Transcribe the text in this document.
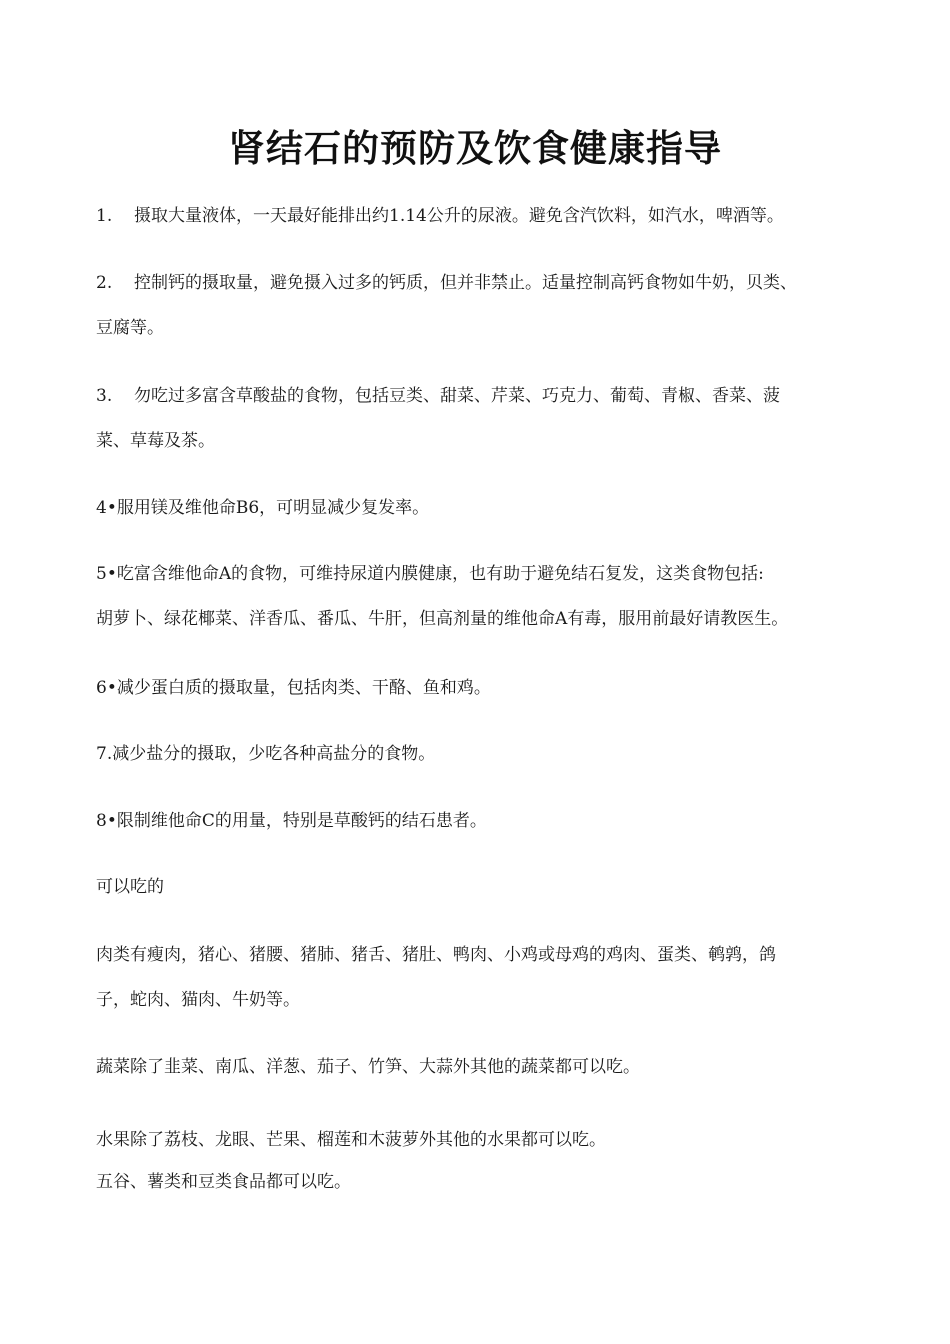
肾结石的预防及饮食健康指导

1. 摄取大量液体，一天最好能排出约1.14公升的尿液。避免含汽饮料，如汽水，啤酒等。

2. 控制钙的摄取量，避免摄入过多的钙质，但并非禁止。适量控制高钙食物如牛奶，贝类、
豆腐等。

3. 勿吃过多富含草酸盐的食物，包括豆类、甜菜、芹菜、巧克力、葡萄、青椒、香菜、菠
菜、草莓及茶。

4•服用镁及维他命B6，可明显减少复发率。

5•吃富含维他命A的食物，可维持尿道内膜健康，也有助于避免结石复发，这类食物包括:
胡萝卜、绿花椰菜、洋香瓜、番瓜、牛肝，但高剂量的维他命A有毒，服用前最好请教医生。

6•减少蛋白质的摄取量，包括肉类、干酪、鱼和鸡。

7.减少盐分的摄取，少吃各种高盐分的食物。

8•限制维他命C的用量，特别是草酸钙的结石患者。

可以吃的

肉类有瘦肉，猪心、猪腰、猪肺、猪舌、猪肚、鸭肉、小鸡或母鸡的鸡肉、蛋类、鹌鹑，鸽
子，蛇肉、猫肉、牛奶等。

蔬菜除了韭菜、南瓜、洋葱、茄子、竹笋、大蒜外其他的蔬菜都可以吃。

水果除了荔枝、龙眼、芒果、榴莲和木菠萝外其他的水果都可以吃。

五谷、薯类和豆类食品都可以吃。
